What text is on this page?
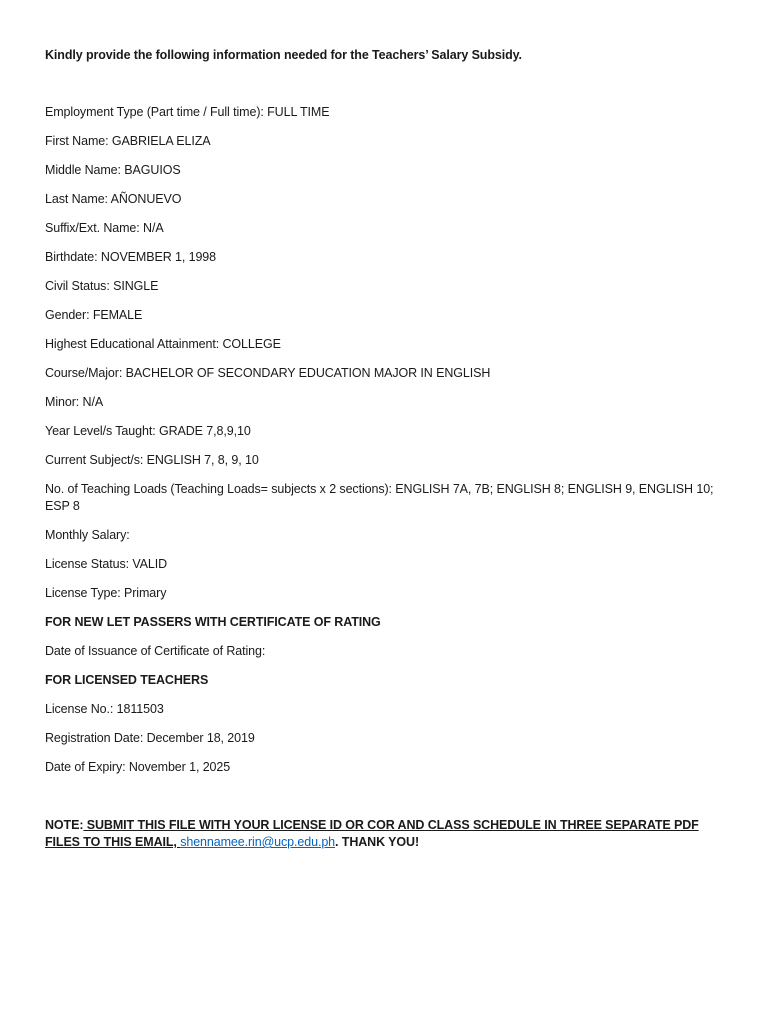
Kindly provide the following information needed for the Teachers’ Salary Subsidy.

Employment Type (Part time / Full time): FULL TIME

First Name: GABRIELA ELIZA

Middle Name: BAGUIOS

Last Name: AÑONUEVO

Suffix/Ext. Name: N/A

Birthdate: NOVEMBER 1, 1998

Civil Status: SINGLE

Gender: FEMALE

Highest Educational Attainment: COLLEGE

Course/Major: BACHELOR OF SECONDARY EDUCATION MAJOR IN ENGLISH

Minor: N/A

Year Level/s Taught: GRADE 7,8,9,10

Current Subject/s: ENGLISH 7, 8, 9, 10

No. of Teaching Loads (Teaching Loads= subjects x 2 sections): ENGLISH 7A, 7B; ENGLISH 8; ENGLISH 9, ENGLISH 10; ESP 8

Monthly Salary:

License Status: VALID

License Type: Primary

FOR NEW LET PASSERS WITH CERTIFICATE OF RATING

Date of Issuance of Certificate of Rating:

FOR LICENSED TEACHERS

License No.: 1811503

Registration Date: December 18, 2019

Date of Expiry: November 1, 2025

NOTE: SUBMIT THIS FILE WITH YOUR LICENSE ID OR COR AND CLASS SCHEDULE IN THREE SEPARATE PDF FILES TO THIS EMAIL, shennamee.rin@ucp.edu.ph. THANK YOU!
